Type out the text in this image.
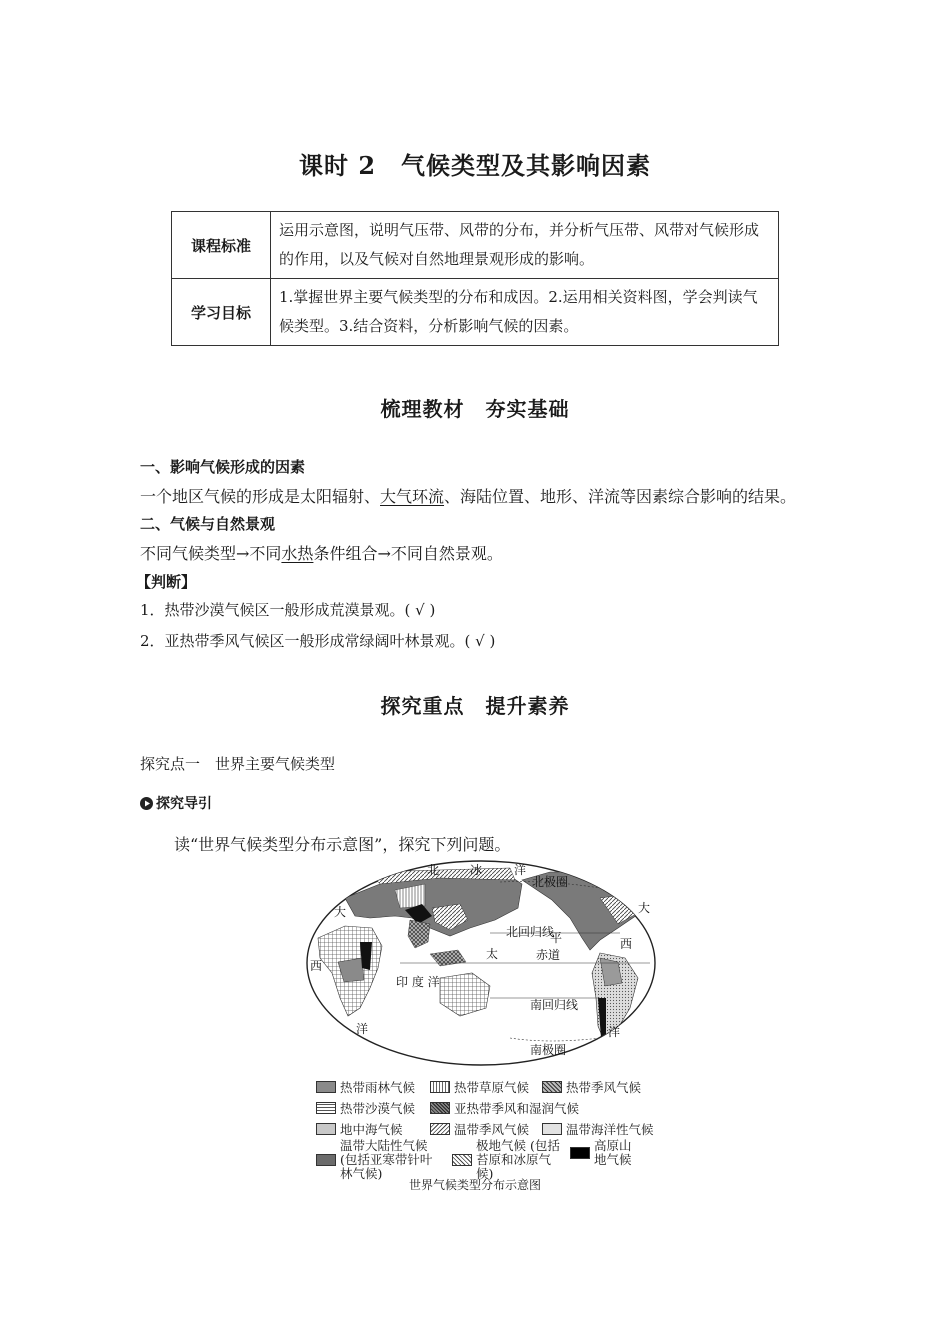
课时 2　气候类型及其影响因素
课程标准	运用示意图，说明气压带、风带的分布，并分析气压带、风带对气候形成的作用，以及气候对自然地理景观形成的影响。
学习目标	1.掌握世界主要气候类型的分布和成因。2.运用相关资料图，学会判读气候类型。3.结合资料，分析影响气候的因素。
梳理教材　夯实基础
一、影响气候形成的因素
一个地区气候的形成是太阳辐射、大气环流、海陆位置、地形、洋流等因素综合影响的结果。
二、气候与自然景观
不同气候类型→不同水热条件组合→不同自然景观。
【判断】
1．热带沙漠气候区一般形成荒漠景观。( √ )
2．亚热带季风气候区一般形成常绿阔叶林景观。( √ )
探究重点　提升素养
探究点一　世界主要气候类型
探究导引
读“世界气候类型分布示意图”，探究下列问题。
北	冰	洋
北极圈
北回归线
赤道
南回归线
南极圈
大
西
洋
印 度 洋
太
平
大
西
洋
热带雨林气候	热带草原气候	热带季风气候
热带沙漠气候	亚热带季风和湿润气候
地中海气候	温带季风气候	温带海洋性气候
温带大陆性气候(包括亚寒带针叶林气候)
极地气候 (包括苔原和冰原气候)
高原山地气候
世界气候类型分布示意图
